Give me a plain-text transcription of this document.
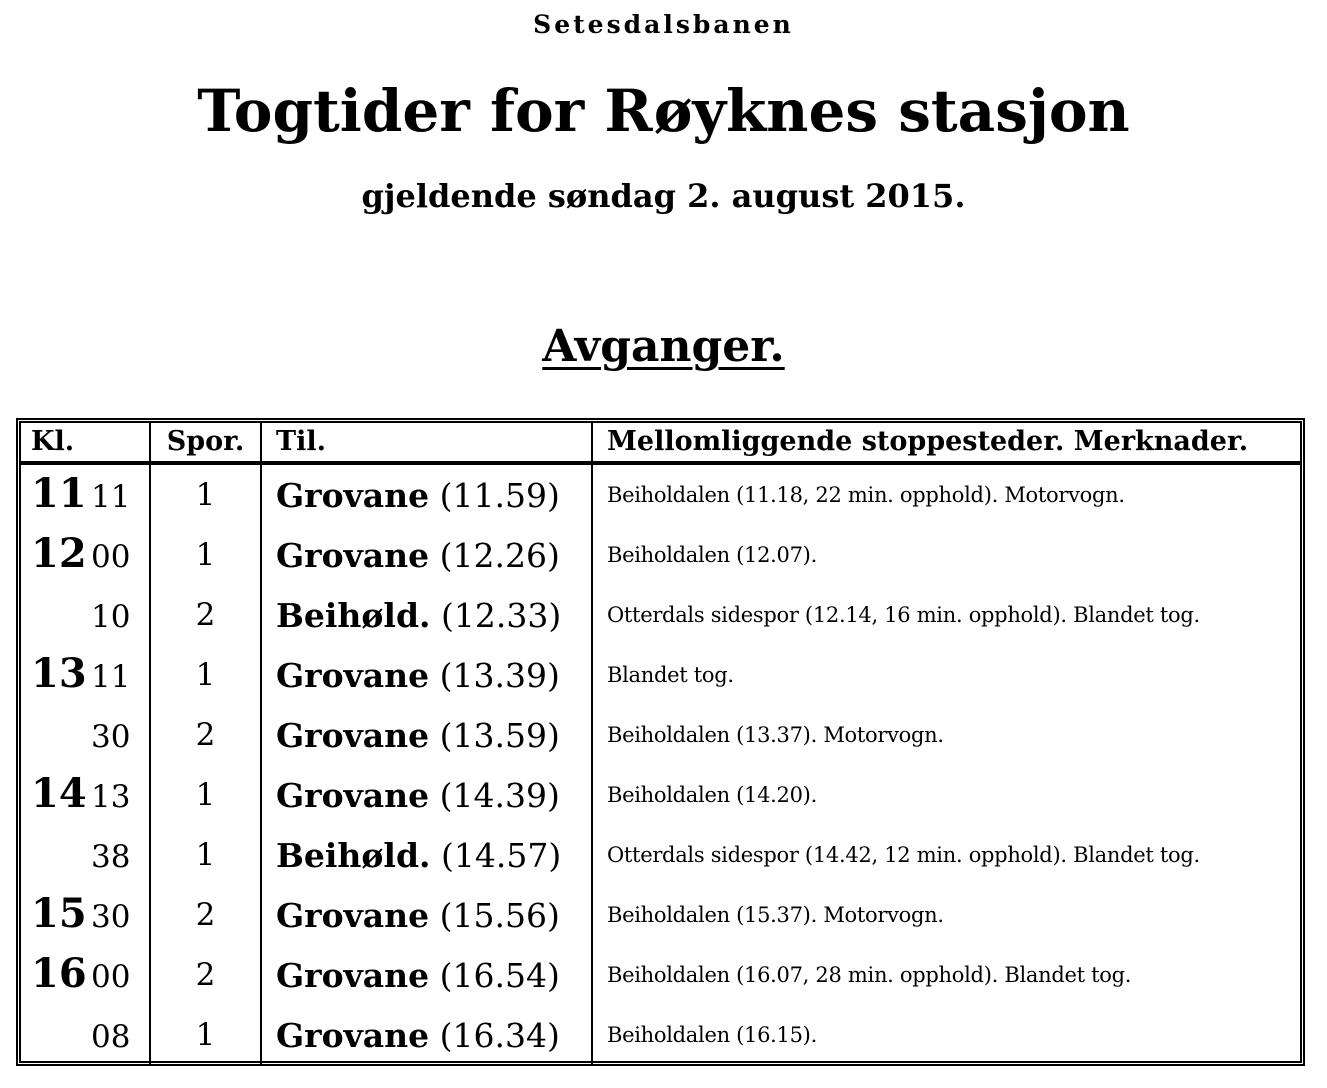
Setesdalsbanen
Togtider for Røyknes stasjon
gjeldende søndag 2. august 2015.
Avganger.
Kl.	Spor.	Til.	Mellomliggende stoppesteder. Merknader.

11 11	1	Grovane (11.59)	Beiholdalen (11.18, 22 min. opphold). Motorvogn.

12 00	1	Grovane (12.26)	Beiholdalen (12.07).

10	2	Beihøld. (12.33)	Otterdals sidespor (12.14, 16 min. opphold). Blandet tog.

13 11	1	Grovane (13.39)	Blandet tog.

30	2	Grovane (13.59)	Beiholdalen (13.37). Motorvogn.

14 13	1	Grovane (14.39)	Beiholdalen (14.20).

38	1	Beihøld. (14.57)	Otterdals sidespor (14.42, 12 min. opphold). Blandet tog.

15 30	2	Grovane (15.56)	Beiholdalen (15.37). Motorvogn.

16 00	2	Grovane (16.54)	Beiholdalen (16.07, 28 min. opphold). Blandet tog.

08	1	Grovane (16.34)	Beiholdalen (16.15).
